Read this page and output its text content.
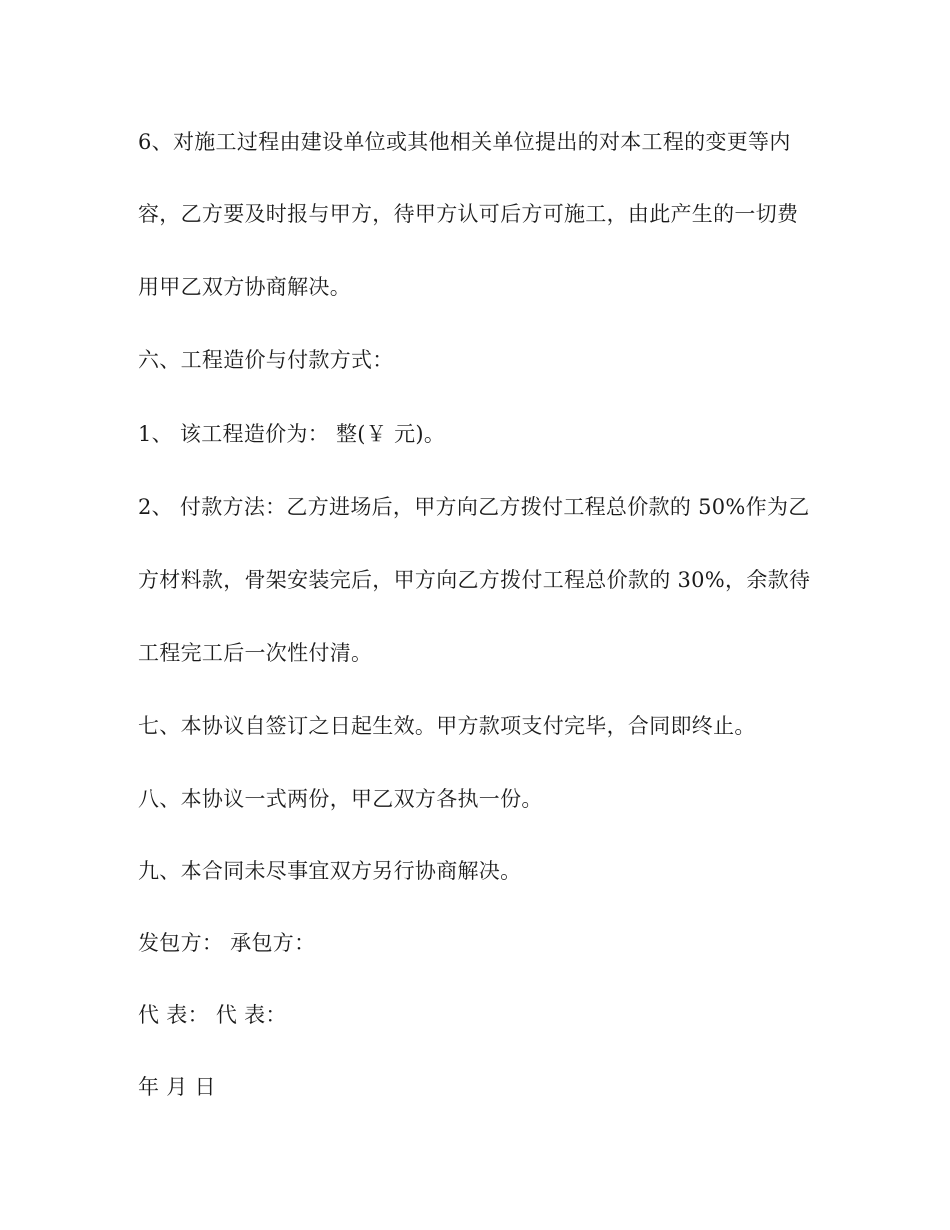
6、对施工过程由建设单位或其他相关单位提出的对本工程的变更等内
容，乙方要及时报与甲方，待甲方认可后方可施工，由此产生的一切费
用甲乙双方协商解决。
六、工程造价与付款方式：
1、 该工程造价为： 整(￥ 元)。
2、 付款方法：乙方进场后，甲方向乙方拨付工程总价款的 50%作为乙
方材料款，骨架安装完后，甲方向乙方拨付工程总价款的 30%，余款待
工程完工后一次性付清。
七、本协议自签订之日起生效。甲方款项支付完毕，合同即终止。
八、本协议一式两份，甲乙双方各执一份。
九、本合同未尽事宜双方另行协商解决。
发包方： 承包方：
代 表： 代 表：
年 月 日
